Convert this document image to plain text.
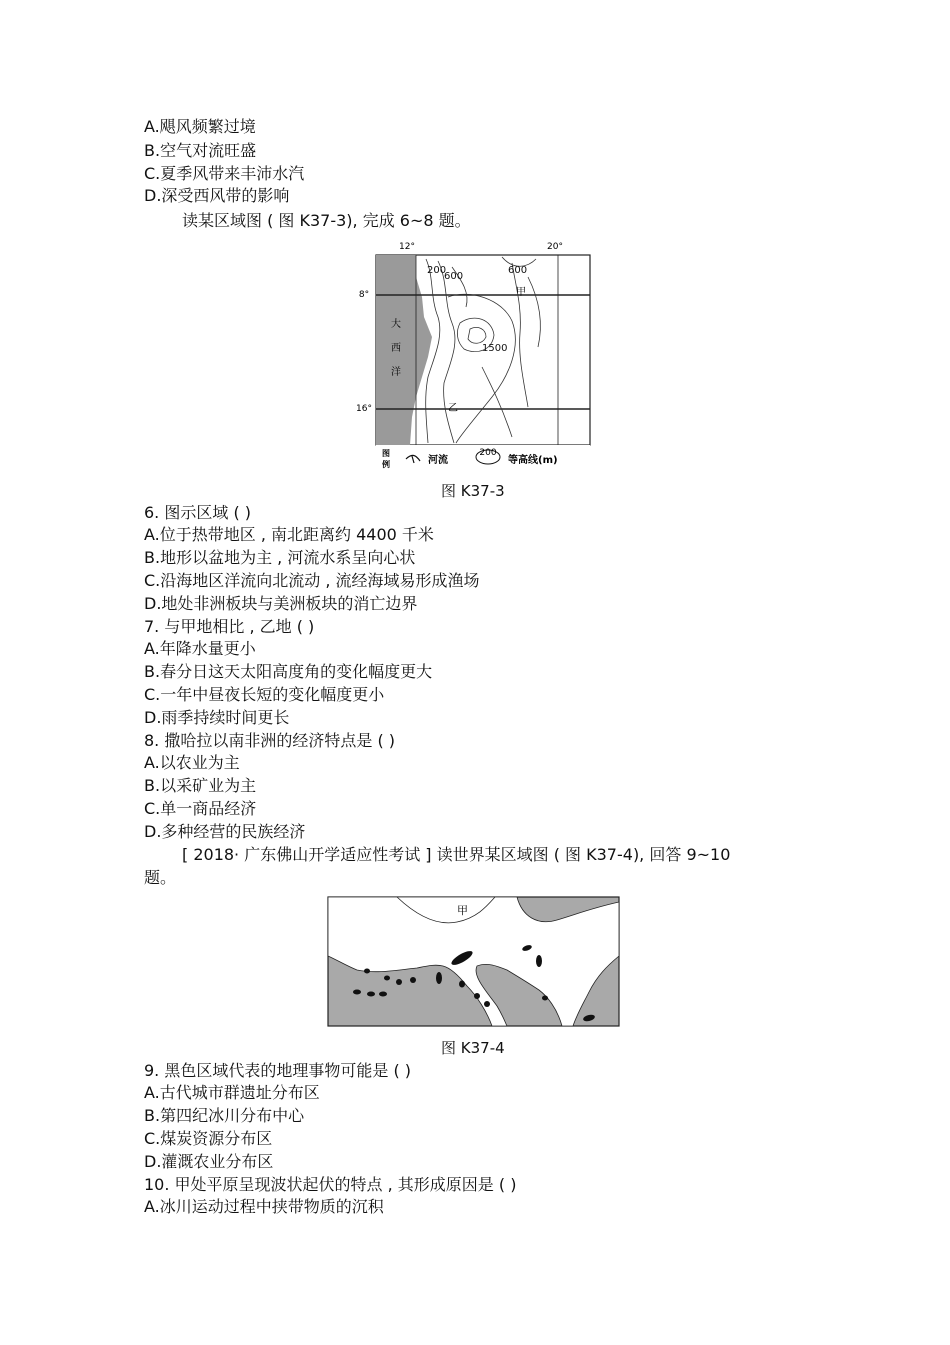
A.飓风频繁过境
B.空气对流旺盛
C.夏季风带来丰沛水汽
D.深受西风带的影响
读某区域图 ( 图 K37-3), 完成 6~8 题。
12°	20°
8°
16°
大
西
洋
200
600
600
1500
甲
乙
图
例	河流
200
等高线(m)
图 K37-3
6. 图示区域 ( )
A.位于热带地区 , 南北距离约 4400 千米
B.地形以盆地为主 , 河流水系呈向心状
C.沿海地区洋流向北流动 , 流经海域易形成渔场
D.地处非洲板块与美洲板块的消亡边界
7. 与甲地相比 , 乙地 ( )
A.年降水量更小
B.春分日这天太阳高度角的变化幅度更大
C.一年中昼夜长短的变化幅度更小
D.雨季持续时间更长
8. 撒哈拉以南非洲的经济特点是 ( )
A.以农业为主
B.以采矿业为主
C.单一商品经济
D.多种经营的民族经济
[ 2018· 广东佛山开学适应性考试 ] 读世界某区域图 ( 图 K37-4), 回答 9~10
题。
甲
图 K37-4
9. 黑色区域代表的地理事物可能是 ( )
A.古代城市群遗址分布区
B.第四纪冰川分布中心
C.煤炭资源分布区
D.灌溉农业分布区
10. 甲处平原呈现波状起伏的特点 , 其形成原因是 ( )
A.冰川运动过程中挟带物质的沉积
